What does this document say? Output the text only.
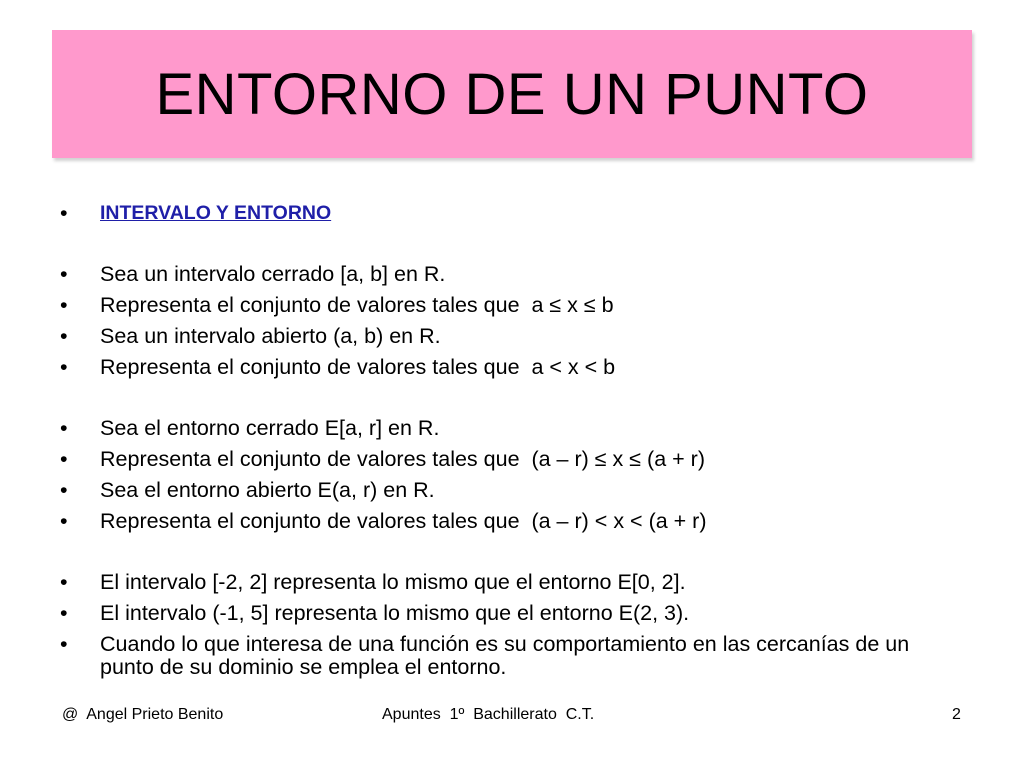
ENTORNO DE UN PUNTO
•	INTERVALO Y ENTORNO
•	Sea un intervalo cerrado [a, b] en R.
•	Representa el conjunto de valores tales que  a ≤ x ≤ b
•	Sea un intervalo abierto (a, b) en R.
•	Representa el conjunto de valores tales que  a < x < b
•	Sea el entorno cerrado E[a, r] en R.
•	Representa el conjunto de valores tales que  (a – r) ≤ x ≤ (a + r)
•	Sea el entorno abierto E(a, r) en R.
•	Representa el conjunto de valores tales que  (a – r) < x < (a + r)
•	El intervalo [-2, 2] representa lo mismo que el entorno E[0, 2].
•	El intervalo (-1, 5] representa lo mismo que el entorno E(2, 3).
•	Cuando lo que interesa de una función es su comportamiento en las cercanías de un punto de su dominio se emplea el entorno.
@  Angel Prieto Benito	Apuntes  1º  Bachillerato  C.T.	2
